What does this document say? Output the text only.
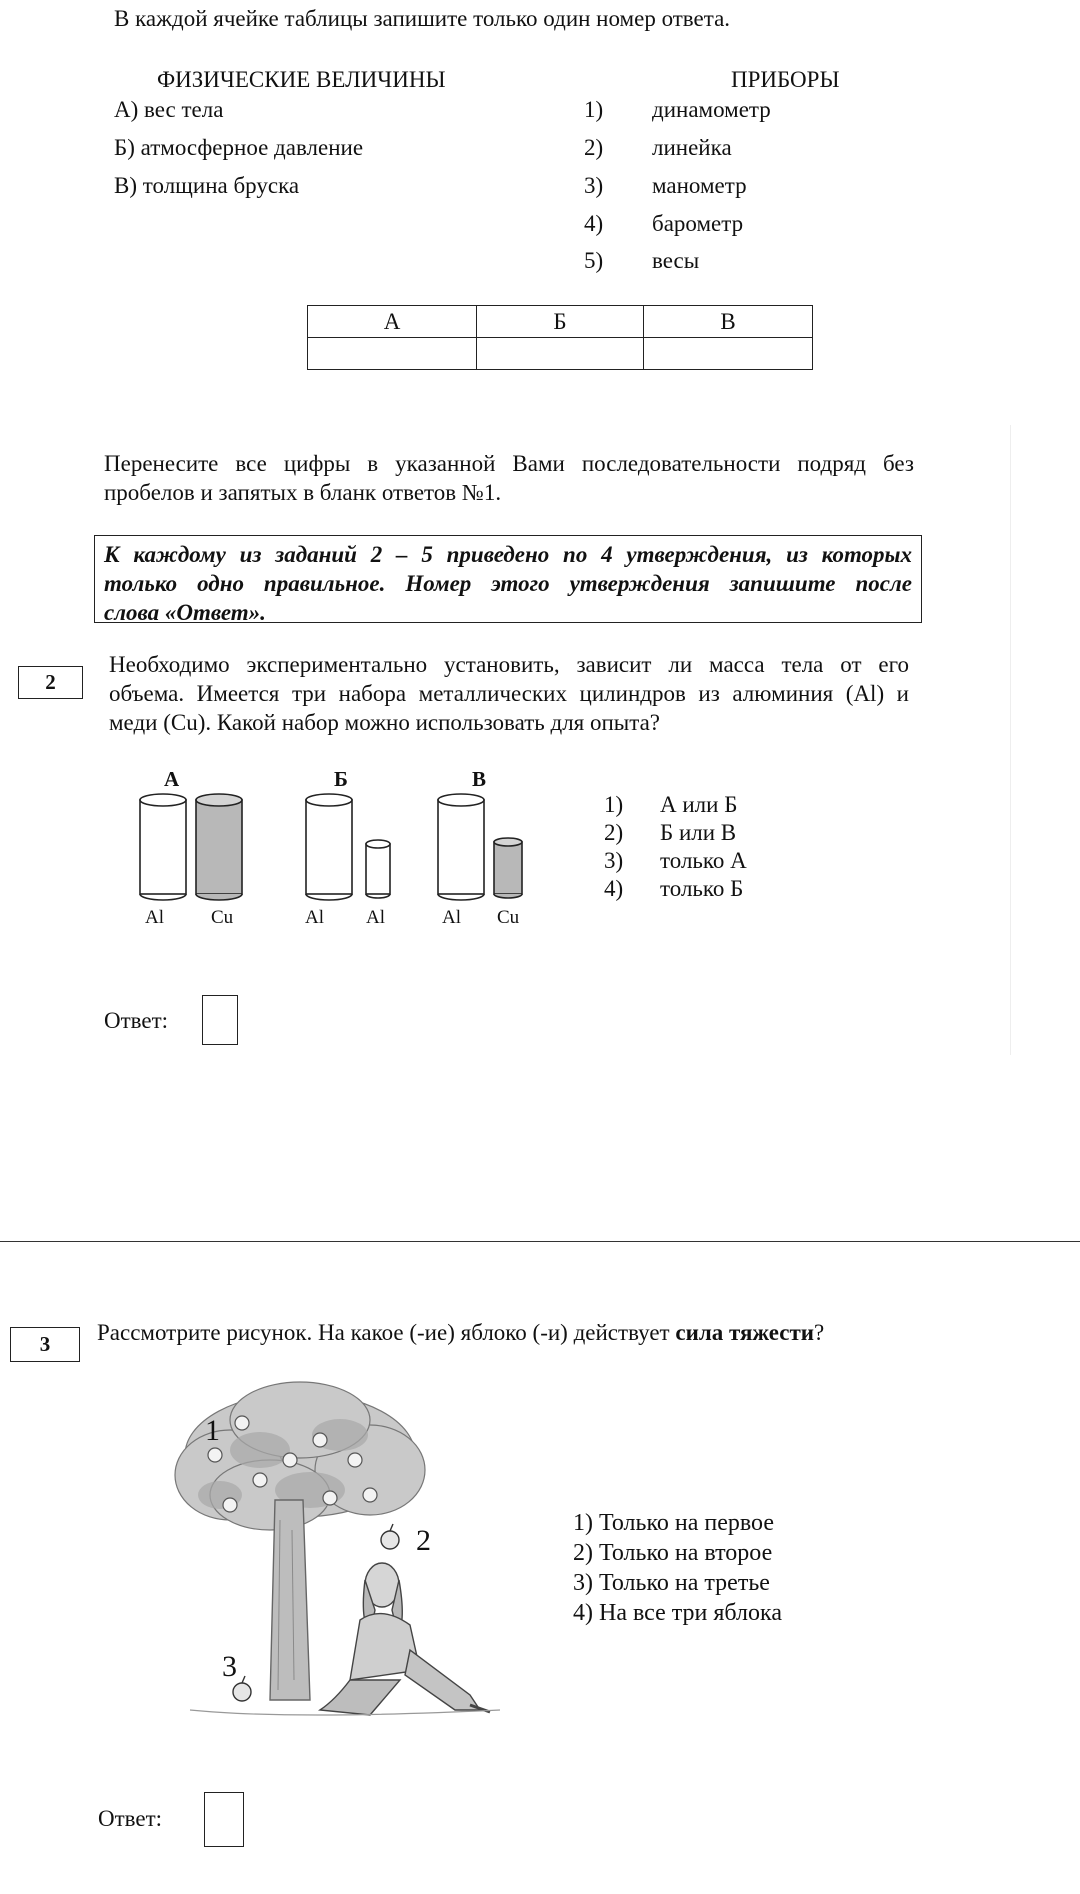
В каждой ячейке таблицы запишите только один номер ответа.
ФИЗИЧЕСКИЕ ВЕЛИЧИНЫ	ПРИБОРЫ
А) вес тела
Б) атмосферное давление
В) толщина бруска
1) динамометр
2) линейка
3) манометр
4) барометр
5) весы
А	Б	В

Перенесите все цифры в указанной Вами последовательности подряд без
пробелов и запятых в бланк ответов №1.
К каждому из заданий 2 – 5 приведено по 4 утверждения, из которых
только одно правильное. Номер этого утверждения запишите после
слова «Ответ».
2
Необходимо экспериментально установить, зависит ли масса тела от его
объема. Имеется три набора металлических цилиндров из алюминия (Al) и
меди (Cu). Какой набор можно использовать для опыта?
А	Б	В
Al Cu	Al Al	Al Cu
1) А или Б
2) Б или В
3) только А
4) только Б
Ответ:
3	Рассмотрите рисунок. На какое (-ие) яблоко (-и) действует сила тяжести?
1
2
3
1) Только на первое
2) Только на второе
3) Только на третье
4) На все три яблока
Ответ:
